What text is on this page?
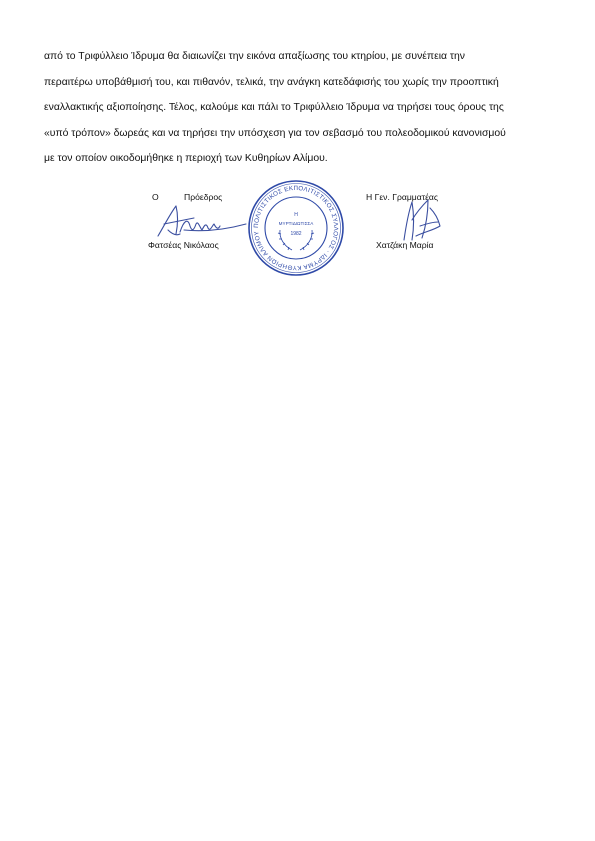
από το Τριφύλλειο Ίδρυμα θα διαιωνίζει την εικόνα απαξίωσης του κτηρίου, με συνέπεια την
περαιτέρω υποβάθμισή του, και πιθανόν, τελικά, την ανάγκη κατεδάφισής του χωρίς την προοπτική
εναλλακτικής αξιοποίησης. Τέλος, καλούμε και πάλι το Τριφύλλειο Ίδρυμα να τηρήσει τους όρους της
«υπό τρόπον» δωρεάς και να τηρήσει την υπόσχεση για τον σεβασμό του πολεοδομικού κανονισμού
με τον οποίον οικοδομήθηκε η περιοχή των Κυθηρίων Αλίμου.

Ο	Πρόεδρος
Φατσέας Νικόλαος
ΠΟΛΙΤΙΣΤΙΚΟΣ ΕΚΠΟΛΙΤΙΣΤΙΚΟΣ ΣΥΛΛΟΓΟΣ · ΙΔΡΥΜΑ ΚΥΘΗΡΙΩΝ ΑΛΙΜΟΥ
Η
ΜΥΡΤΙΔΙΩΤΙΣΣΑ
1982
Η Γεν. Γραμματέας
Χατζάκη Μαρία
